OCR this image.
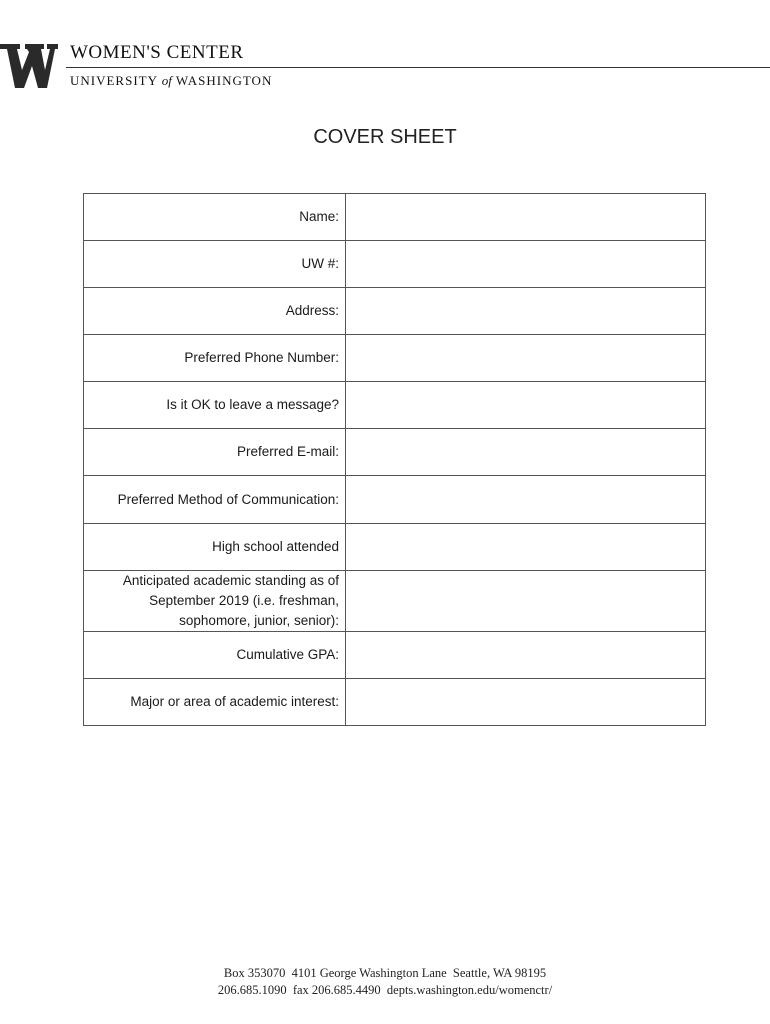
WOMEN'S CENTER
UNIVERSITY of WASHINGTON
COVER SHEET
Name:	
UW #:	
Address:	
Preferred Phone Number:	
Is it OK to leave a message?	
Preferred E-mail:	
Preferred Method of Communication:	
High school attended	
Anticipated academic standing as of September 2019 (i.e. freshman, sophomore, junior, senior):	
Cumulative GPA:	
Major or area of academic interest:	
Box 353070  4101 George Washington Lane  Seattle, WA 98195
206.685.1090  fax 206.685.4490  depts.washington.edu/womenctr/
